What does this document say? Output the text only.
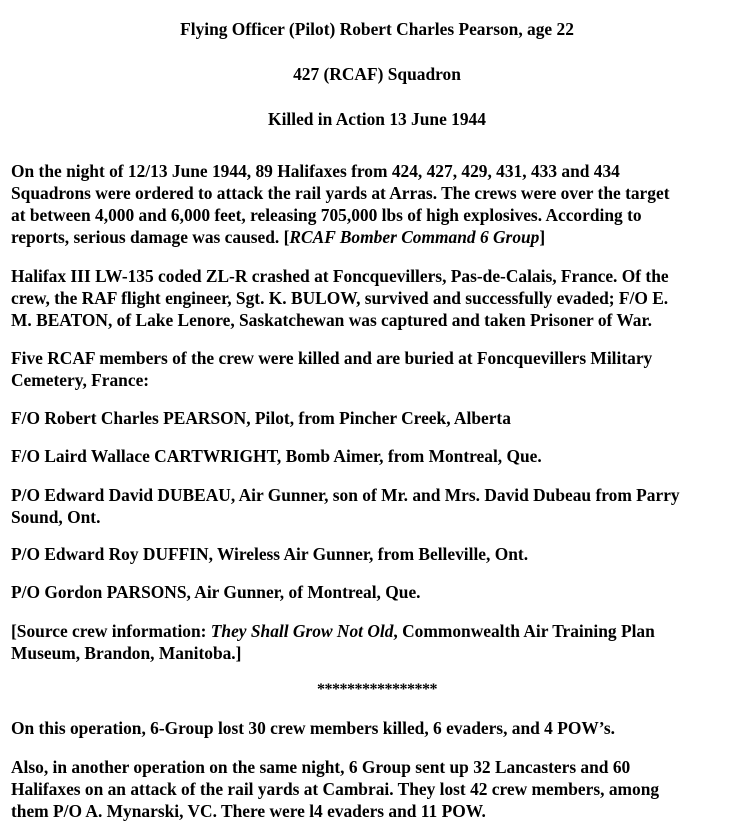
Flying Officer (Pilot) Robert Charles Pearson, age 22

427 (RCAF) Squadron

Killed in Action 13 June 1944

On the night of 12/13 June 1944, 89 Halifaxes from 424, 427, 429, 431, 433 and 434
Squadrons were ordered to attack the rail yards at Arras. The crews were over the target
at between 4,000 and 6,000 feet, releasing 705,000 lbs of high explosives. According to
reports, serious damage was caused. [RCAF Bomber Command 6 Group]
Halifax III LW-135 coded ZL-R crashed at Foncquevillers, Pas-de-Calais, France. Of the
crew, the RAF flight engineer, Sgt. K. BULOW, survived and successfully evaded; F/O E.
M. BEATON, of Lake Lenore, Saskatchewan was captured and taken Prisoner of War.
Five RCAF members of the crew were killed and are buried at Foncquevillers Military
Cemetery, France:
F/O Robert Charles PEARSON, Pilot, from Pincher Creek, Alberta
F/O Laird Wallace CARTWRIGHT, Bomb Aimer, from Montreal, Que.
P/O Edward David DUBEAU, Air Gunner, son of Mr. and Mrs. David Dubeau from Parry
Sound, Ont.
P/O Edward Roy DUFFIN, Wireless Air Gunner, from Belleville, Ont.
P/O Gordon PARSONS, Air Gunner, of Montreal, Que.
[Source crew information: They Shall Grow Not Old, Commonwealth Air Training Plan
Museum, Brandon, Manitoba.]

****************

On this operation, 6-Group lost 30 crew members killed, 6 evaders, and 4 POW’s.
Also, in another operation on the same night, 6 Group sent up 32 Lancasters and 60
Halifaxes on an attack of the rail yards at Cambrai. They lost 42 crew members, among
them P/O A. Mynarski, VC. There were l4 evaders and 11 POW.
